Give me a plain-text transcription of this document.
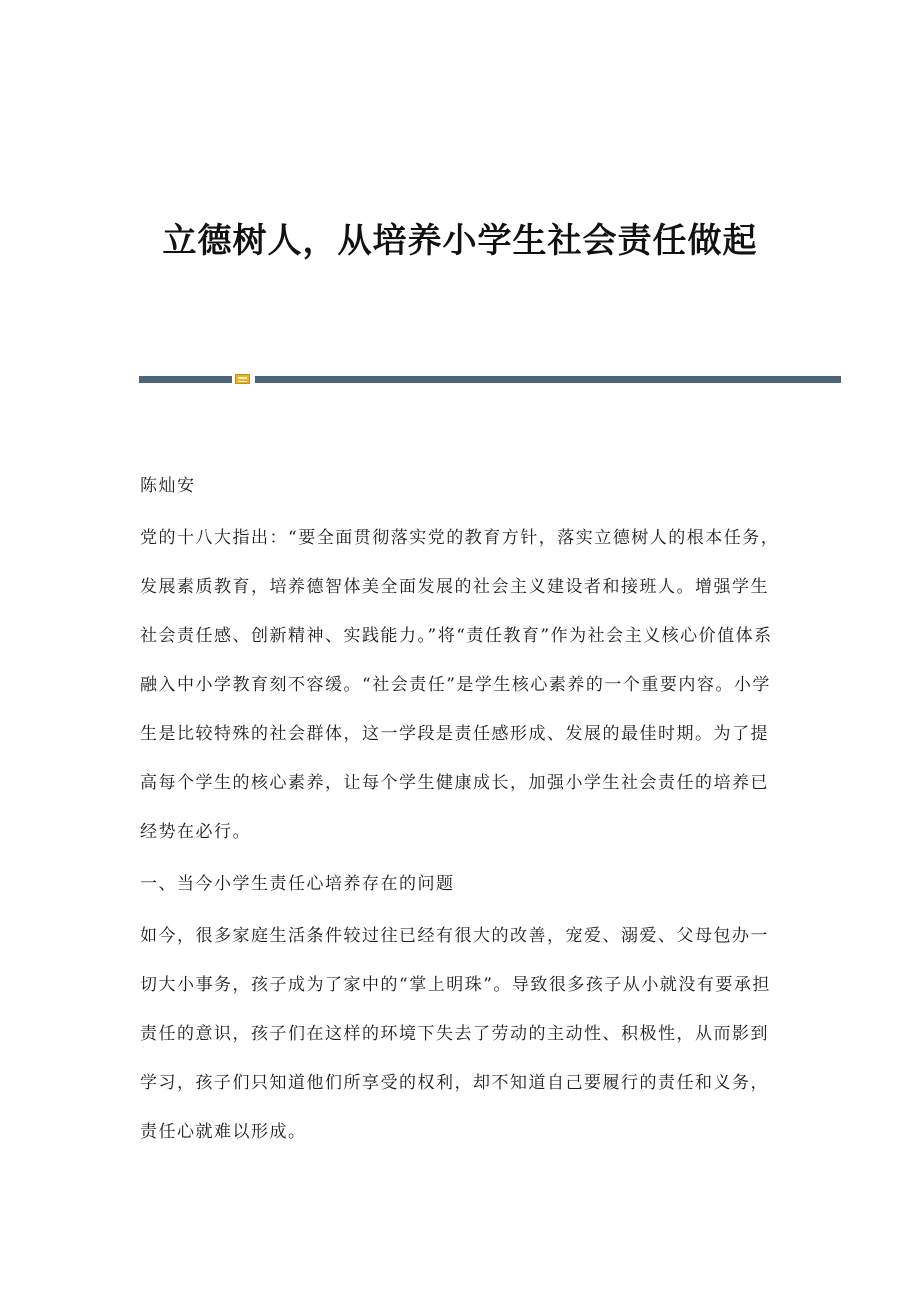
立德树人，从培养小学生社会责任做起

陈灿安

党的十八大指出：“要全面贯彻落实党的教育方针，落实立德树人的根本任务，发展素质教育，培养德智体美全面发展的社会主义建设者和接班人。增强学生社会责任感、创新精神、实践能力。”将“责任教育”作为社会主义核心价值体系融入中小学教育刻不容缓。“社会责任”是学生核心素养的一个重要内容。小学生是比较特殊的社会群体，这一学段是责任感形成、发展的最佳时期。为了提高每个学生的核心素养，让每个学生健康成长，加强小学生社会责任的培养已经势在必行。

一、当今小学生责任心培养存在的问题

如今，很多家庭生活条件较过往已经有很大的改善，宠爱、溺爱、父母包办一切大小事务，孩子成为了家中的“掌上明珠”。导致很多孩子从小就没有要承担责任的意识，孩子们在这样的环境下失去了劳动的主动性、积极性，从而影到学习，孩子们只知道他们所享受的权利，却不知道自己要履行的责任和义务，责任心就难以形成。
